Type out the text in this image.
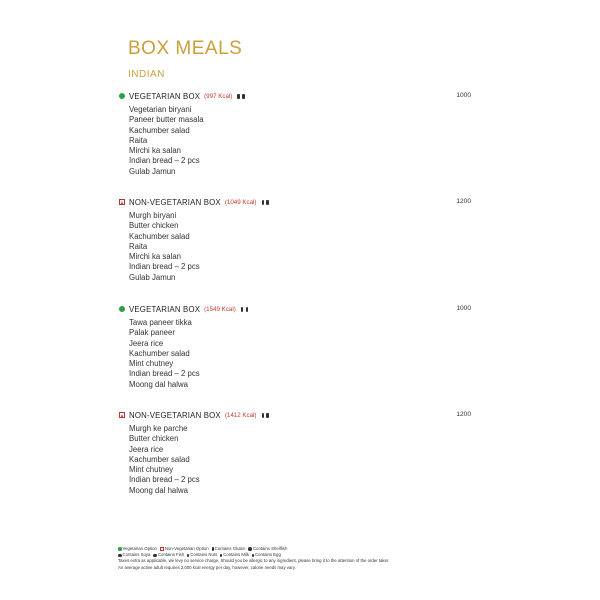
BOX MEALS
INDIAN
VEGETARIAN BOX (997 Kcal)	1000
Vegetarian biryani
Paneer butter masala
Kachumber salad
Raita
Mirchi ka salan
Indian bread – 2 pcs
Gulab Jamun
NON-VEGETARIAN BOX (1049 Kcal)	1200
Murgh biryani
Butter chicken
Kachumber salad
Raita
Mirchi ka salan
Indian bread – 2 pcs
Gulab Jamun
VEGETARIAN BOX (1549 Kcal)	1000
Tawa paneer tikka
Palak paneer
Jeera rice
Kachumber salad
Mint chutney
Indian bread – 2 pcs
Moong dal halwa
NON-VEGETARIAN BOX (1412 Kcal)	1200
Murgh ke parche
Butter chicken
Jeera rice
Kachumber salad
Mint chutney
Indian bread – 2 pcs
Moong dal halwa
Vegetarian Option Non-Vegetarian Option Contains Gluten Contains Shellfish
Contains Soya Contains Fish Contains Nuts Contains Milk Contains Egg
Taxes extra as applicable, we levy no service charge. Should you be allergic to any ingredient, please bring it to the attention of the order taker.
An average active adult requires 2,000 kcal energy per day, however, calorie needs may vary.
